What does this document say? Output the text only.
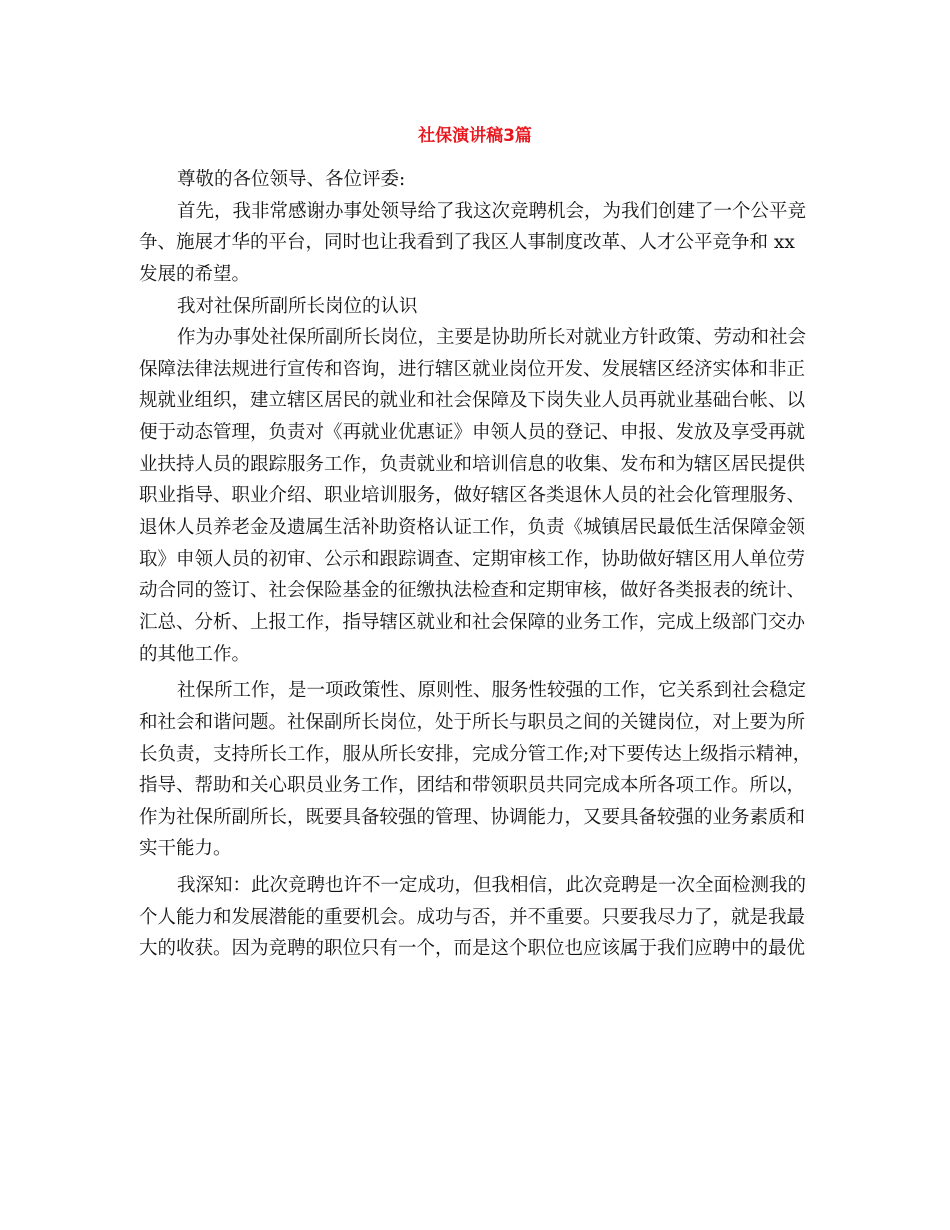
社保演讲稿3篇
尊敬的各位领导、各位评委:
首先，我非常感谢办事处领导给了我这次竞聘机会，为我们创建了一个公平竞
争、施展才华的平台，同时也让我看到了我区人事制度改革、人才公平竞争和 xx
发展的希望。
我对社保所副所长岗位的认识
作为办事处社保所副所长岗位，主要是协助所长对就业方针政策、劳动和社会
保障法律法规进行宣传和咨询，进行辖区就业岗位开发、发展辖区经济实体和非正
规就业组织，建立辖区居民的就业和社会保障及下岗失业人员再就业基础台帐、以
便于动态管理，负责对《再就业优惠证》申领人员的登记、申报、发放及享受再就
业扶持人员的跟踪服务工作，负责就业和培训信息的收集、发布和为辖区居民提供
职业指导、职业介绍、职业培训服务，做好辖区各类退休人员的社会化管理服务、
退休人员养老金及遗属生活补助资格认证工作，负责《城镇居民最低生活保障金领
取》申领人员的初审、公示和跟踪调查、定期审核工作，协助做好辖区用人单位劳
动合同的签订、社会保险基金的征缴执法检查和定期审核，做好各类报表的统计、
汇总、分析、上报工作，指导辖区就业和社会保障的业务工作，完成上级部门交办
的其他工作。
社保所工作，是一项政策性、原则性、服务性较强的工作，它关系到社会稳定
和社会和谐问题。社保副所长岗位，处于所长与职员之间的关键岗位，对上要为所
长负责，支持所长工作，服从所长安排，完成分管工作;对下要传达上级指示精神，
指导、帮助和关心职员业务工作，团结和带领职员共同完成本所各项工作。所以，
作为社保所副所长，既要具备较强的管理、协调能力，又要具备较强的业务素质和
实干能力。
我深知：此次竞聘也许不一定成功，但我相信，此次竞聘是一次全面检测我的
个人能力和发展潜能的重要机会。成功与否，并不重要。只要我尽力了，就是我最
大的收获。因为竞聘的职位只有一个，而是这个职位也应该属于我们应聘中的最优
